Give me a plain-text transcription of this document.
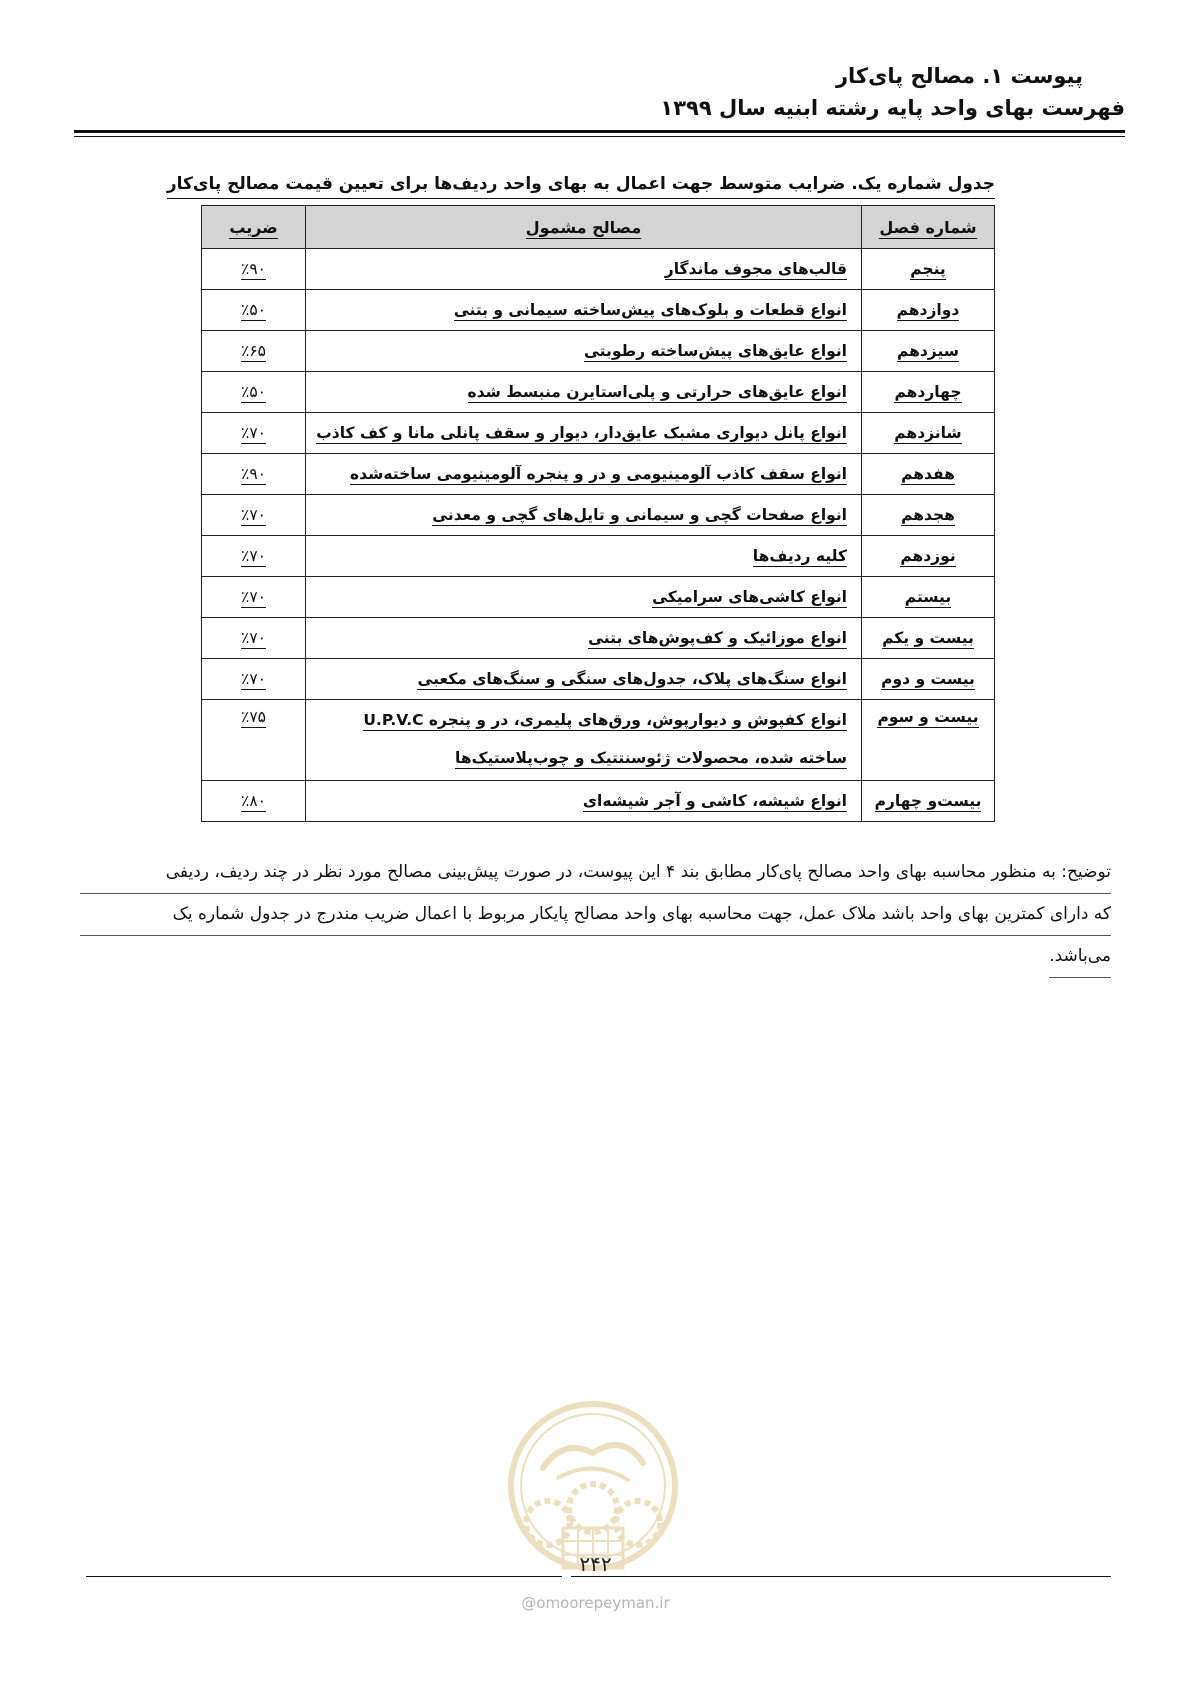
پیوست ۱. مصالح پای‌کار
فهرست بهای واحد پایه رشته ابنیه سال ۱۳۹۹
جدول شماره یک. ضرایب متوسط جهت اعمال به بهای واحد ردیف‌ها برای تعیین قیمت مصالح پای‌کار
شماره فصل	مصالح مشمول	ضریب
پنجم	قالب‌های مجوف ماندگار	٪۹۰
دوازدهم	انواع قطعات و بلوک‌های پیش‌ساخته سیمانی و بتنی	٪۵۰
سیزدهم	انواع عایق‌های پیش‌ساخته رطوبتی	٪۶۵
چهاردهم	انواع عایق‌های حرارتی و پلی‌استایرن منبسط شده	٪۵۰
شانزدهم	انواع پانل دیواری مشبک عایق‌دار، دیوار و سقف پانلی مانا و کف کاذب	٪۷۰
هفدهم	انواع سقف کاذب آلومینیومی و در و پنجره آلومینیومی ساخته‌شده	٪۹۰
هجدهم	انواع صفحات گچی و سیمانی و تایل‌های گچی و معدنی	٪۷۰
نوزدهم	کلیه ردیف‌ها	٪۷۰
بیستم	انواع کاشی‌های سرامیکی	٪۷۰
بیست و یکم	انواع موزائیک و کف‌پوش‌های بتنی	٪۷۰
بیست و دوم	انواع سنگ‌های پلاک، جدول‌های سنگی و سنگ‌های مکعبی	٪۷۰
بیست و سوم	انواع کفپوش و دیوارپوش، ورق‌های پلیمری، در و پنجره U.P.V.C ساخته شده، محصولات ژئوسنتتیک و چوب‌پلاستیک‌ها	٪۷۵
بیست‌و چهارم	انواع شیشه، کاشی و آجر شیشه‌ای	٪۸۰
توضیح: به منظور محاسبه بهای واحد مصالح پای‌کار مطابق بند ۴ این پیوست، در صورت پیش‌بینی مصالح مورد نظر در چند ردیف، ردیفی
که دارای کمترین بهای واحد باشد ملاک عمل، جهت محاسبه بهای واحد مصالح پایکار مربوط با اعمال ضریب مندرج در جدول شماره یک
می‌باشد.
۲۴۲
@omoorepeyman.ir
